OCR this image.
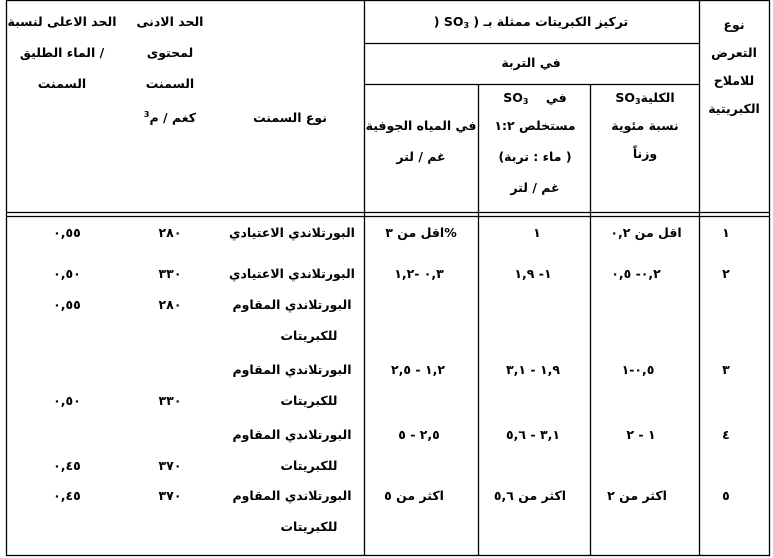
نوع
التعرض
للاملاح
الكبريتية
)‎ $SO_3$ تركيز الكبريتات ممثلة بـ (
في التربة
$SO_3الكلية$
نسبة مئوية
وزناً
$SO_3$ في
مستخلص ١:٢
(ماء : تربة )
غم / لتر
في المياه الجوفية
غم / لتر
نوع السمنت
الحد الادنى
لمحتوى
السمنت
$^3$كغم / م
الحد الاعلى لنسبة
الماء الطليق /
السمنت
١
اقل من ٠,٢
١
اقل من ٣%
البورتلاندي الاعتيادي
٢٨٠
٠,٥٥
٢
٠,٢- ٠,٥
١- ١,٩
٠,٣ -١,٢
البورتلاندي الاعتيادي
٣٣٠
٠,٥٠
البورتلاندي المقاوم
للكبريتات
٢٨٠
٠,٥٥
٣
٠,٥-١
١,٩ - ٣,١
١,٢ - ٢,٥
البورتلاندي المقاوم
للكبريتات
٣٣٠
٠,٥٠
٤
١ - ٢
٣,١ - ٥,٦
٢,٥ - ٥
البورتلاندي المقاوم
للكبريتات
٣٧٠
٠,٤٥
٥
اكثر من ٢
اكثر من ٥,٦
اكثر من ٥
البورتلاندي المقاوم
للكبريتات
٣٧٠
٠,٤٥
